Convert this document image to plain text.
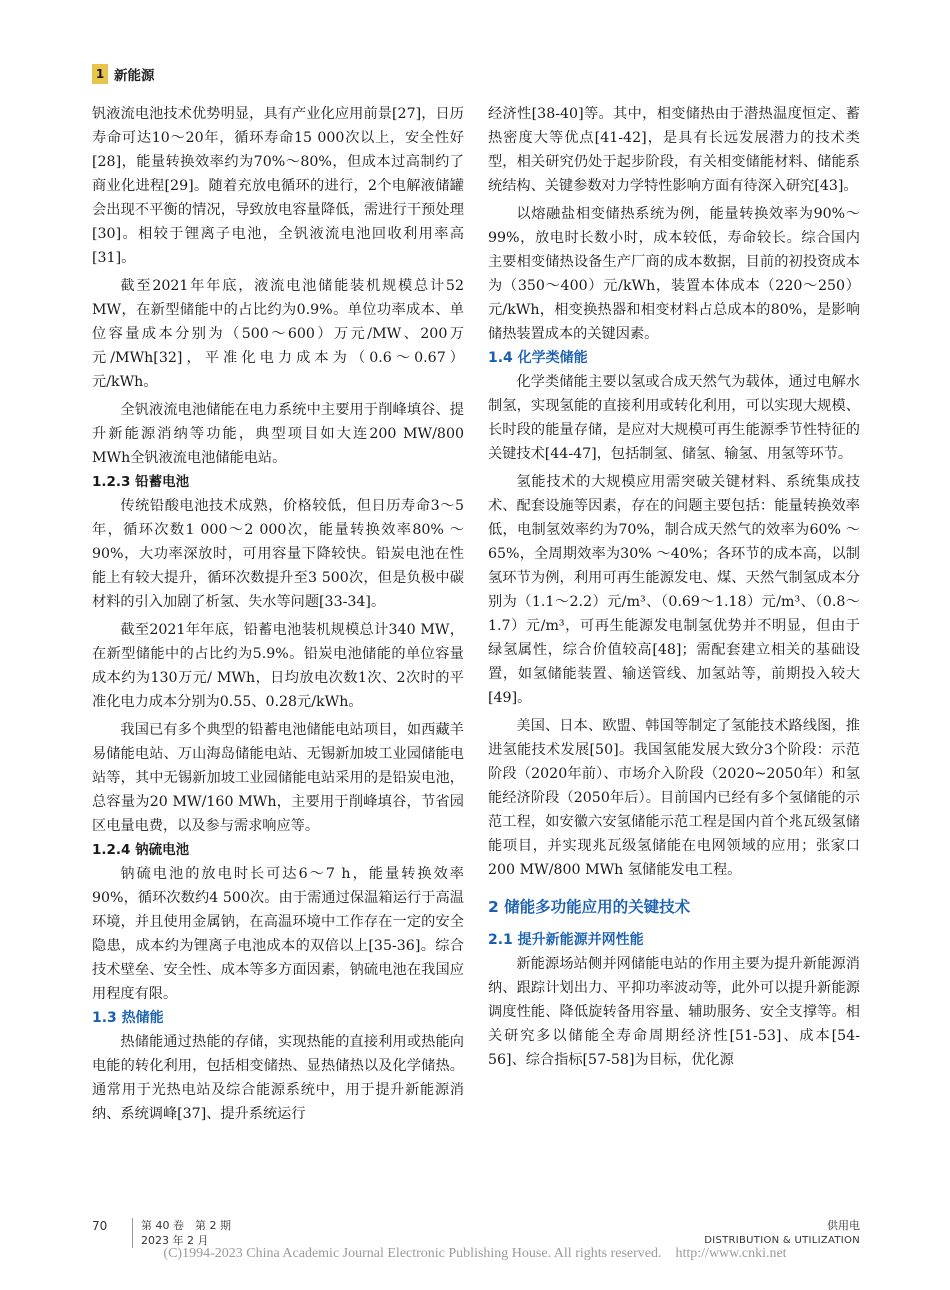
1 新能源

钒液流电池技术优势明显，具有产业化应用前景[27]，日历寿命可达10～20年，循环寿命15 000次以上，安全性好[28]，能量转换效率约为70%～80%，但成本过高制约了商业化进程[29]。随着充放电循环的进行，2个电解液储罐会出现不平衡的情况，导致放电容量降低，需进行干预处理[30]。相较于锂离子电池，全钒液流电池回收利用率高[31]。

截至2021年年底，液流电池储能装机规模总计52 MW，在新型储能中的占比约为0.9%。单位功率成本、单位容量成本分别为（500～600）万元/MW、200万元/MWh[32]，平准化电力成本为（0.6～0.67）元/kWh。

全钒液流电池储能在电力系统中主要用于削峰填谷、提升新能源消纳等功能，典型项目如大连200 MW/800 MWh全钒液流电池储能电站。

1.2.3 铅蓄电池

传统铅酸电池技术成熟，价格较低，但日历寿命3～5年，循环次数1 000～2 000次，能量转换效率80% ～90%，大功率深放时，可用容量下降较快。铅炭电池在性能上有较大提升，循环次数提升至3 500次，但是负极中碳材料的引入加剧了析氢、失水等问题[33-34]。

截至2021年年底，铅蓄电池装机规模总计340 MW，在新型储能中的占比约为5.9%。铅炭电池储能的单位容量成本约为130万元/ MWh，日均放电次数1次、2次时的平准化电力成本分别为0.55、0.28元/kWh。

我国已有多个典型的铅蓄电池储能电站项目，如西藏羊易储能电站、万山海岛储能电站、无锡新加坡工业园储能电站等，其中无锡新加坡工业园储能电站采用的是铅炭电池，总容量为20 MW/160 MWh，主要用于削峰填谷，节省园区电量电费，以及参与需求响应等。

1.2.4 钠硫电池

钠硫电池的放电时长可达6～7 h，能量转换效率90%，循环次数约4 500次。由于需通过保温箱运行于高温环境，并且使用金属钠，在高温环境中工作存在一定的安全隐患，成本约为锂离子电池成本的双倍以上[35-36]。综合技术壁垒、安全性、成本等多方面因素，钠硫电池在我国应用程度有限。

1.3 热储能

热储能通过热能的存储，实现热能的直接利用或热能向电能的转化利用，包括相变储热、显热储热以及化学储热。通常用于光热电站及综合能源系统中，用于提升新能源消纳、系统调峰[37]、提升系统运行

经济性[38-40]等。其中，相变储热由于潜热温度恒定、蓄热密度大等优点[41-42]，是具有长远发展潜力的技术类型，相关研究仍处于起步阶段，有关相变储能材料、储能系统结构、关键参数对力学特性影响方面有待深入研究[43]。

以熔融盐相变储热系统为例，能量转换效率为90%～99%，放电时长数小时，成本较低，寿命较长。综合国内主要相变储热设备生产厂商的成本数据，目前的初投资成本为（350～400）元/kWh，装置本体成本（220～250）元/kWh，相变换热器和相变材料占总成本的80%，是影响储热装置成本的关键因素。

1.4 化学类储能

化学类储能主要以氢或合成天然气为载体，通过电解水制氢，实现氢能的直接利用或转化利用，可以实现大规模、长时段的能量存储，是应对大规模可再生能源季节性特征的关键技术[44-47]，包括制氢、储氢、输氢、用氢等环节。

氢能技术的大规模应用需突破关键材料、系统集成技术、配套设施等因素，存在的问题主要包括：能量转换效率低，电制氢效率约为70%，制合成天然气的效率为60% ～65%，全周期效率为30% ～40%；各环节的成本高，以制氢环节为例，利用可再生能源发电、煤、天然气制氢成本分别为（1.1～2.2）元/m³、（0.69～1.18）元/m³、（0.8～1.7）元/m³，可再生能源发电制氢优势并不明显，但由于绿氢属性，综合价值较高[48]；需配套建立相关的基础设置，如氢储能装置、输送管线、加氢站等，前期投入较大[49]。

美国、日本、欧盟、韩国等制定了氢能技术路线图，推进氢能技术发展[50]。我国氢能发展大致分3个阶段：示范阶段（2020年前）、市场介入阶段（2020~2050年）和氢能经济阶段（2050年后）。目前国内已经有多个氢储能的示范工程，如安徽六安氢储能示范工程是国内首个兆瓦级氢储能项目，并实现兆瓦级氢储能在电网领域的应用；张家口200 MW/800 MWh 氢储能发电工程。

2 储能多功能应用的关键技术
2.1 提升新能源并网性能

新能源场站侧并网储能电站的作用主要为提升新能源消纳、跟踪计划出力、平抑功率波动等，此外可以提升新能源调度性能、降低旋转备用容量、辅助服务、安全支撑等。相关研究多以储能全寿命周期经济性[51-53]、成本[54-56]、综合指标[57-58]为目标，优化源

70	第 40 卷　第 2 期
2023 年 2 月
供用电
DISTRIBUTION & UTILIZATION
(C)1994-2023 China Academic Journal Electronic Publishing House. All rights reserved.　http://www.cnki.net
